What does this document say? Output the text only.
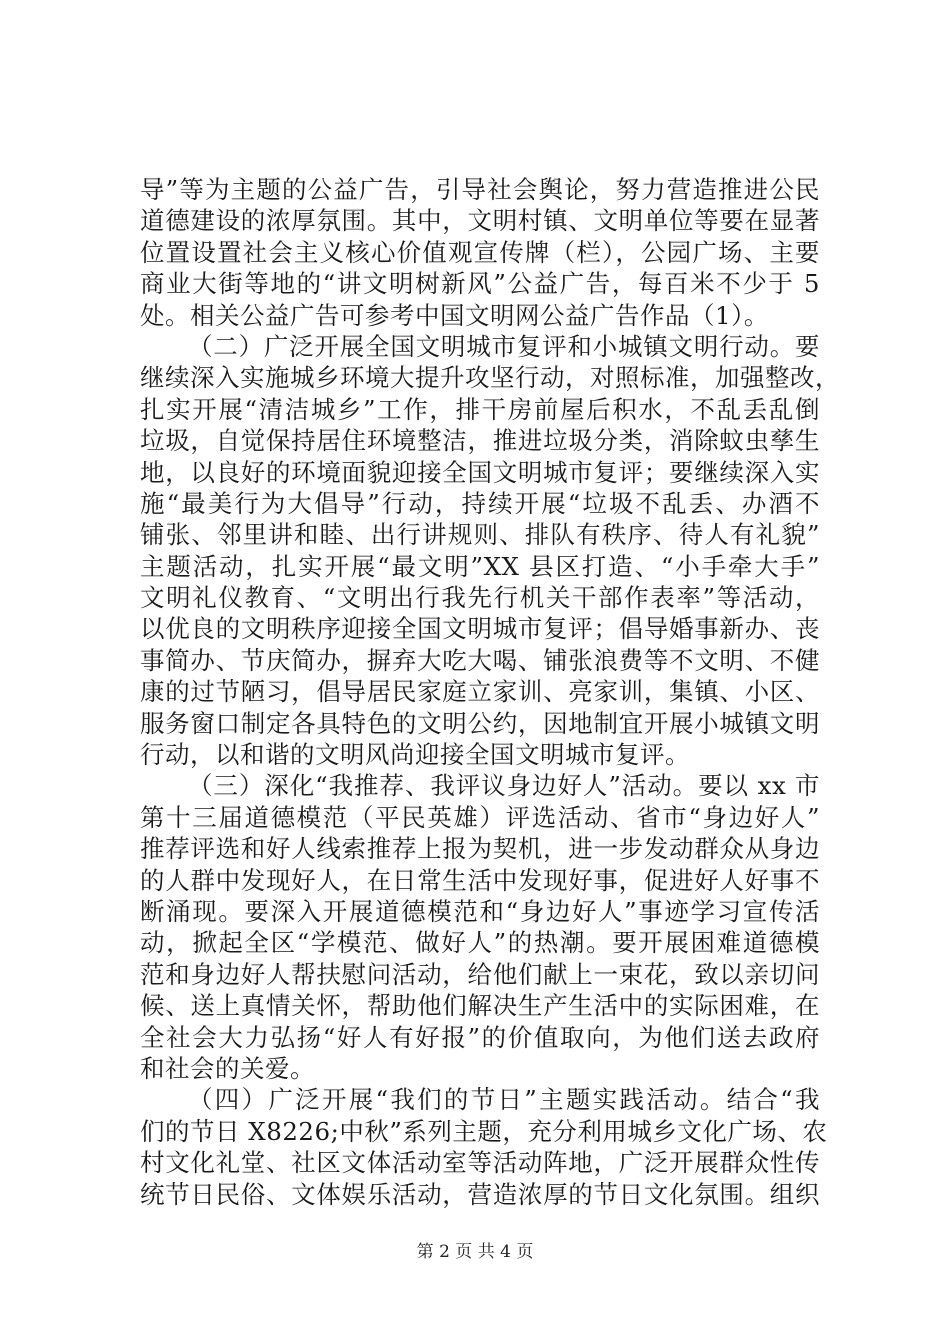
导”等为主题的公益广告，引导社会舆论，努力营造推进公民
道德建设的浓厚氛围。其中，文明村镇、文明单位等要在显著
位置设置社会主义核心价值观宣传牌（栏），公园广场、主要
商业大街等地的“讲文明树新风”公益广告，每百米不少于 5
处。相关公益广告可参考中国文明网公益广告作品（1）。
（二）广泛开展全国文明城市复评和小城镇文明行动。要
继续深入实施城乡环境大提升攻坚行动，对照标准，加强整改，
扎实开展“清洁城乡”工作，排干房前屋后积水，不乱丢乱倒
垃圾，自觉保持居住环境整洁，推进垃圾分类，消除蚊虫孳生
地，以良好的环境面貌迎接全国文明城市复评；要继续深入实
施“最美行为大倡导”行动，持续开展“垃圾不乱丢、办酒不
铺张、邻里讲和睦、出行讲规则、排队有秩序、待人有礼貌”
主题活动，扎实开展“最文明”XX 县区打造、“小手牵大手”
文明礼仪教育、“文明出行我先行机关干部作表率”等活动，
以优良的文明秩序迎接全国文明城市复评；倡导婚事新办、丧
事简办、节庆简办，摒弃大吃大喝、铺张浪费等不文明、不健
康的过节陋习，倡导居民家庭立家训、亮家训，集镇、小区、
服务窗口制定各具特色的文明公约，因地制宜开展小城镇文明
行动，以和谐的文明风尚迎接全国文明城市复评。
（三）深化“我推荐、我评议身边好人”活动。要以 xx 市
第十三届道德模范（平民英雄）评选活动、省市“身边好人”
推荐评选和好人线索推荐上报为契机，进一步发动群众从身边
的人群中发现好人，在日常生活中发现好事，促进好人好事不
断涌现。要深入开展道德模范和“身边好人”事迹学习宣传活
动，掀起全区“学模范、做好人”的热潮。要开展困难道德模
范和身边好人帮扶慰问活动，给他们献上一束花，致以亲切问
候、送上真情关怀，帮助他们解决生产生活中的实际困难，在
全社会大力弘扬“好人有好报”的价值取向，为他们送去政府
和社会的关爱。
（四）广泛开展“我们的节日”主题实践活动。结合“我
们的节日 X8226;中秋”系列主题，充分利用城乡文化广场、农
村文化礼堂、社区文体活动室等活动阵地，广泛开展群众性传
统节日民俗、文体娱乐活动，营造浓厚的节日文化氛围。组织
第 2 页 共 4 页
